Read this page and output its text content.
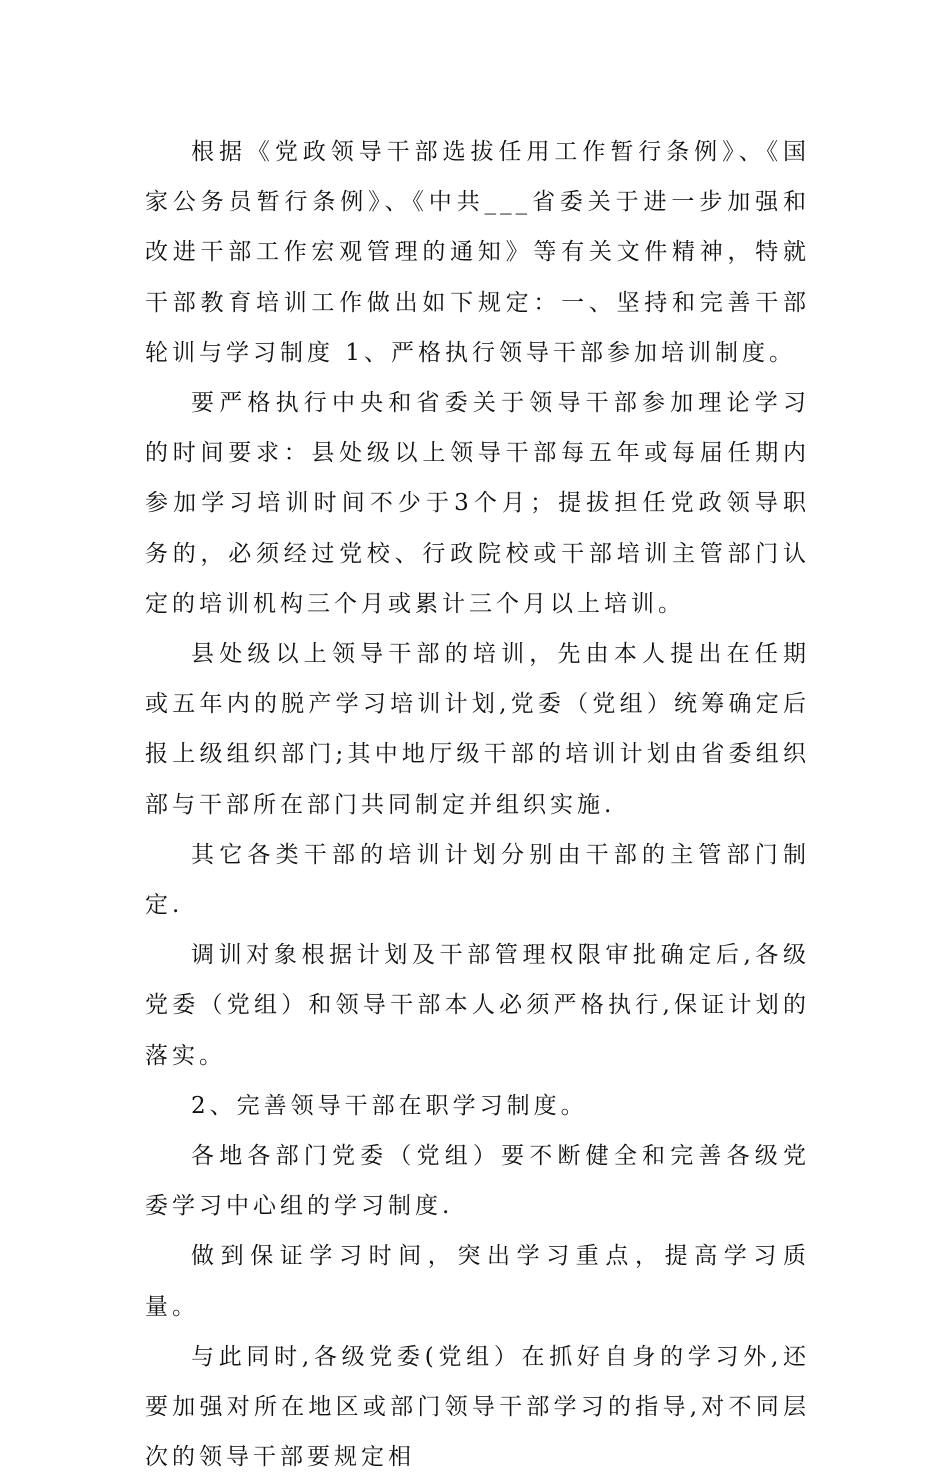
根据《党政领导干部选拔任用工作暂行条例》、《国家公务员暂行条例》、《中共___省委关于进一步加强和改进干部工作宏观管理的通知》等有关文件精神，特就干部教育培训工作做出如下规定：一、坚持和完善干部轮训与学习制度 1、严格执行领导干部参加培训制度。

要严格执行中央和省委关于领导干部参加理论学习的时间要求：县处级以上领导干部每五年或每届任期内参加学习培训时间不少于3个月；提拔担任党政领导职务的，必须经过党校、行政院校或干部培训主管部门认定的培训机构三个月或累计三个月以上培训。

县处级以上领导干部的培训，先由本人提出在任期或五年内的脱产学习培训计划,党委（党组）统筹确定后报上级组织部门;其中地厅级干部的培训计划由省委组织部与干部所在部门共同制定并组织实施.

其它各类干部的培训计划分别由干部的主管部门制定.

调训对象根据计划及干部管理权限审批确定后,各级党委（党组）和领导干部本人必须严格执行,保证计划的落实。

2、完善领导干部在职学习制度。

各地各部门党委（党组）要不断健全和完善各级党委学习中心组的学习制度.

做到保证学习时间，突出学习重点，提高学习质量。

与此同时,各级党委(党组）在抓好自身的学习外,还要加强对所在地区或部门领导干部学习的指导,对不同层次的领导干部要规定相
